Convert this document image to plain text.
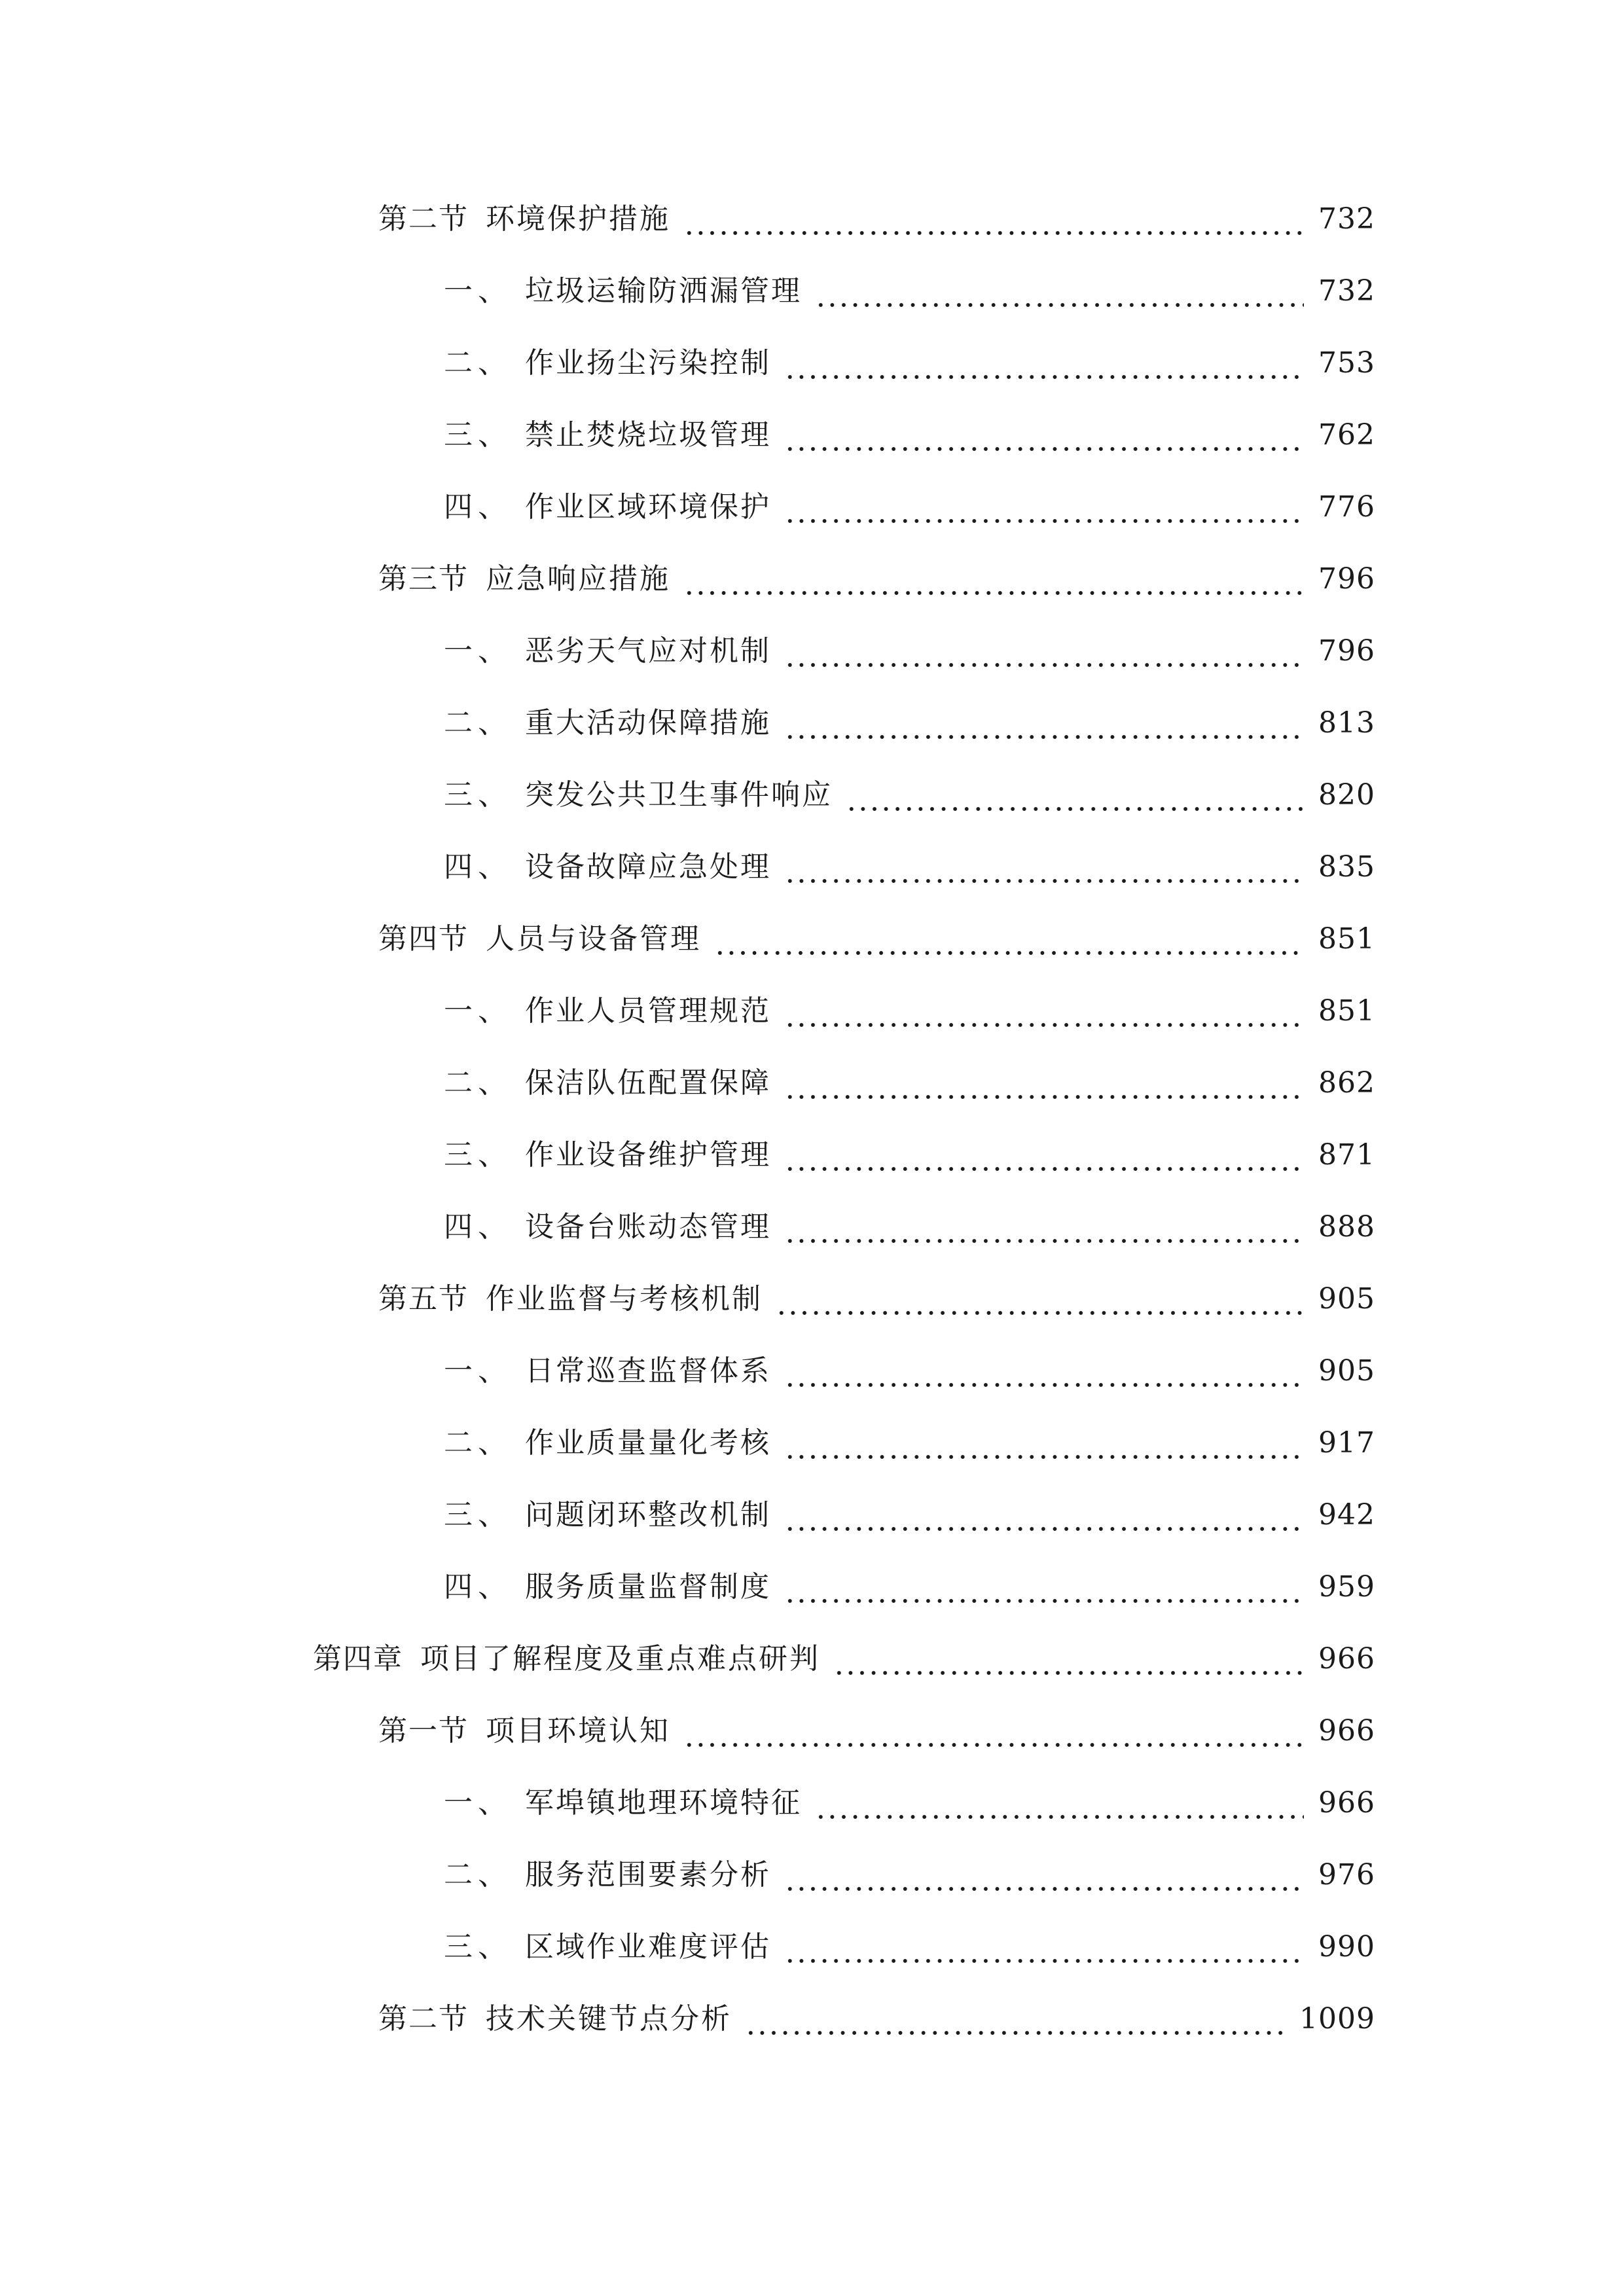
第二节 环境保护措施	732
一、 垃圾运输防洒漏管理	732
二、 作业扬尘污染控制	753
三、 禁止焚烧垃圾管理	762
四、 作业区域环境保护	776
第三节 应急响应措施	796
一、 恶劣天气应对机制	796
二、 重大活动保障措施	813
三、 突发公共卫生事件响应	820
四、 设备故障应急处理	835
第四节 人员与设备管理	851
一、 作业人员管理规范	851
二、 保洁队伍配置保障	862
三、 作业设备维护管理	871
四、 设备台账动态管理	888
第五节 作业监督与考核机制	905
一、 日常巡查监督体系	905
二、 作业质量量化考核	917
三、 问题闭环整改机制	942
四、 服务质量监督制度	959
第四章 项目了解程度及重点难点研判	966
第一节 项目环境认知	966
一、 军埠镇地理环境特征	966
二、 服务范围要素分析	976
三、 区域作业难度评估	990
第二节 技术关键节点分析	1009
